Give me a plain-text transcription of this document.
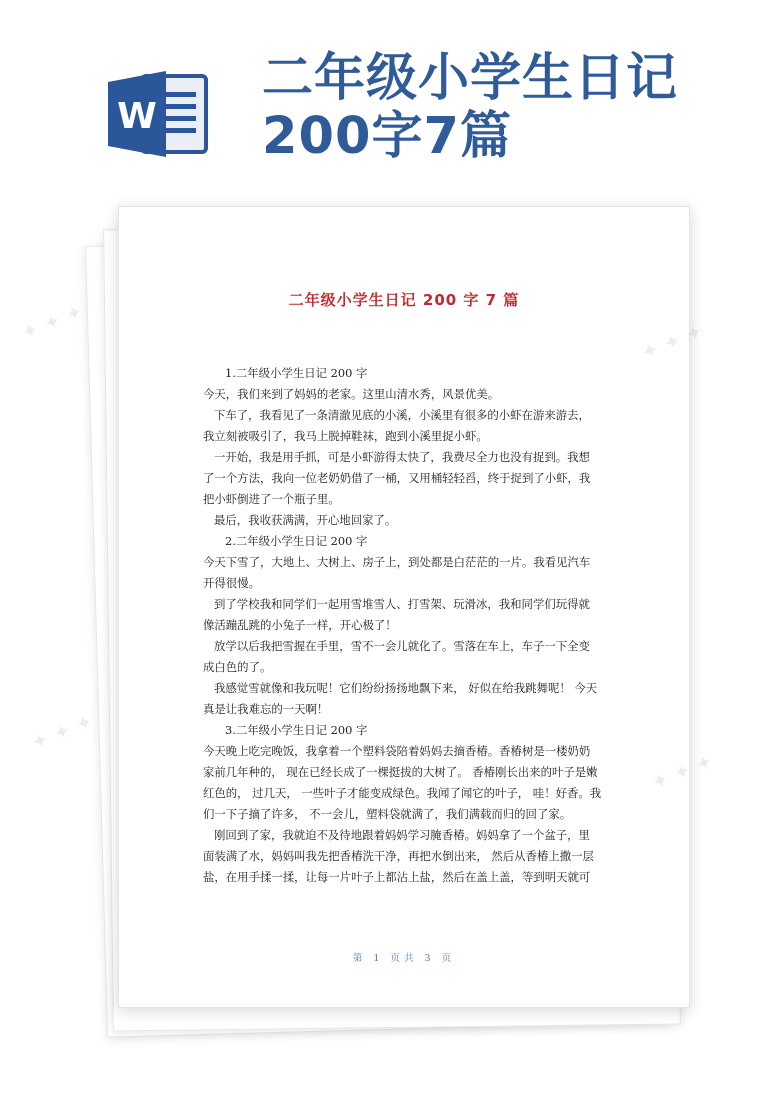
W
二年级小学生日记
200字7篇
二年级小学生日记 200 字 7 篇
1.二年级小学生日记 200 字
今天，我们来到了妈妈的老家。这里山清水秀，风景优美。
下车了，我看见了一条清澈见底的小溪，小溪里有很多的小虾在游来游去，
我立刻被吸引了，我马上脱掉鞋袜，跑到小溪里捉小虾。
一开始，我是用手抓，可是小虾游得太快了，我费尽全力也没有捉到。我想
了一个方法，我向一位老奶奶借了一桶，又用桶轻轻舀，终于捉到了小虾，我
把小虾倒进了一个瓶子里。
最后，我收获满满，开心地回家了。
2.二年级小学生日记 200 字
今天下雪了，大地上、大树上、房子上，到处都是白茫茫的一片。我看见汽车
开得很慢。
到了学校我和同学们一起用雪堆雪人、打雪架、玩滑冰，我和同学们玩得就
像活蹦乱跳的小兔子一样，开心极了！
放学以后我把雪握在手里，雪不一会儿就化了。雪落在车上，车子一下全变
成白色的了。
我感觉雪就像和我玩呢！它们纷纷扬扬地飘下来， 好似在给我跳舞呢！ 今天
真是让我难忘的一天啊！
3.二年级小学生日记 200 字
今天晚上吃完晚饭，我拿着一个塑料袋陪着妈妈去摘香椿。香椿树是一楼奶奶
家前几年种的， 现在已经长成了一棵挺拔的大树了。 香椿刚长出来的叶子是嫩
红色的， 过几天， 一些叶子才能变成绿色。我闻了闻它的叶子， 哇！好香。我
们一下子摘了许多， 不一会儿，塑料袋就满了，我们满载而归的回了家。
刚回到了家，我就迫不及待地跟着妈妈学习腌香椿。妈妈拿了一个盆子，里
面装满了水，妈妈叫我先把香椿洗干净，再把水倒出来， 然后从香椿上撒一层
盐，在用手揉一揉，让每一片叶子上都沾上盐，然后在盖上盖，等到明天就可
第 1 页共 3 页
✦ ✦ ✦	✦
✦ ✦ ✦
✦
